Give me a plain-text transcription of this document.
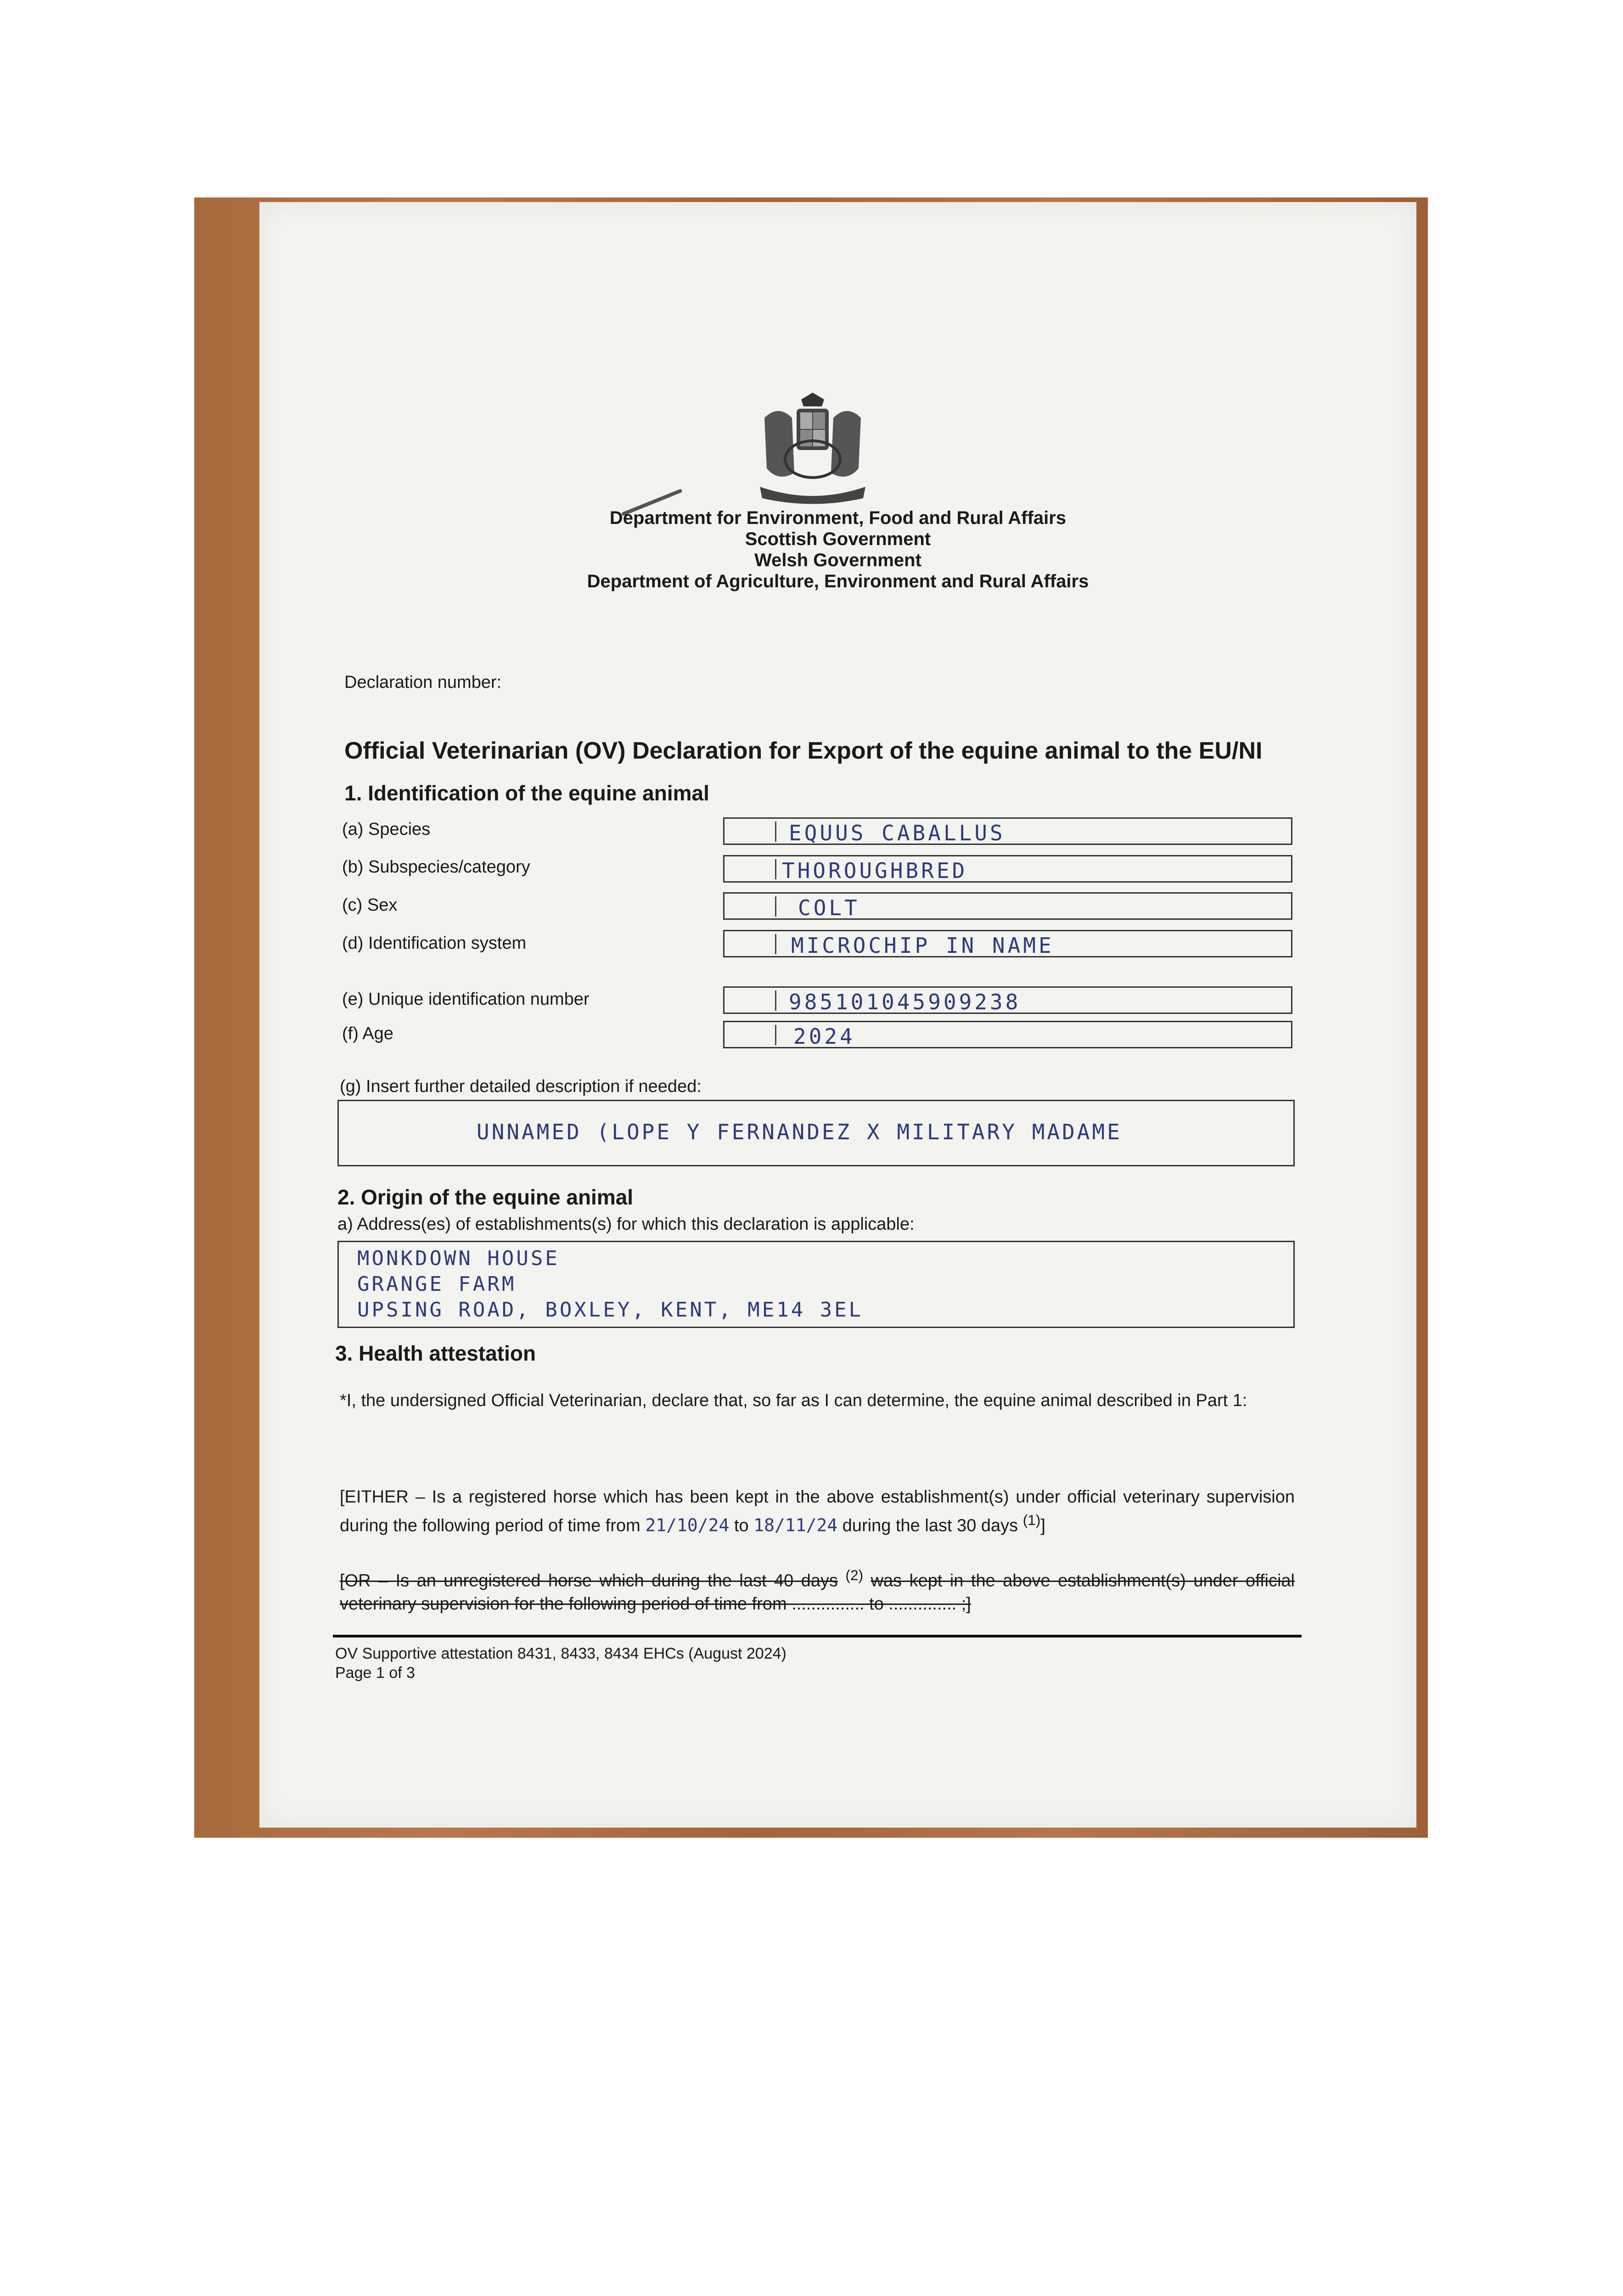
Department for Environment, Food and Rural Affairs
Scottish Government
Welsh Government
Department of Agriculture, Environment and Rural Affairs
Declaration number:
Official Veterinarian (OV) Declaration for Export of the equine animal to the EU/NI
1. Identification of the equine animal
(a) Species	EQUUS CABALLUS
(b) Subspecies/category	THOROUGHBRED
(c) Sex	COLT
(d) Identification system	MICROCHIP IN NAME
(e) Unique identification number	985101045909238
(f) Age	2024
(g) Insert further detailed description if needed:
UNNAMED (LOPE Y FERNANDEZ X MILITARY MADAME
2. Origin of the equine animal
a) Address(es) of establishments(s) for which this declaration is applicable:
MONKDOWN HOUSE
GRANGE FARM
UPSING ROAD, BOXLEY, KENT, ME14 3EL
3. Health attestation
*I, the undersigned Official Veterinarian, declare that, so far as I can determine, the equine animal described in Part 1:
[EITHER – Is a registered horse which has been kept in the above establishment(s) under official veterinary supervision during the following period of time from 21/10/24 to 18/11/24 during the last 30 days $^{(1)}$]
[OR – Is an unregistered horse which during the last 40 days $^{(2)}$ was kept in the above establishment(s) under official veterinary supervision for the following period of time from ............... to .............. ;]
OV Supportive attestation 8431, 8433, 8434 EHCs (August 2024)
Page 1 of 3
